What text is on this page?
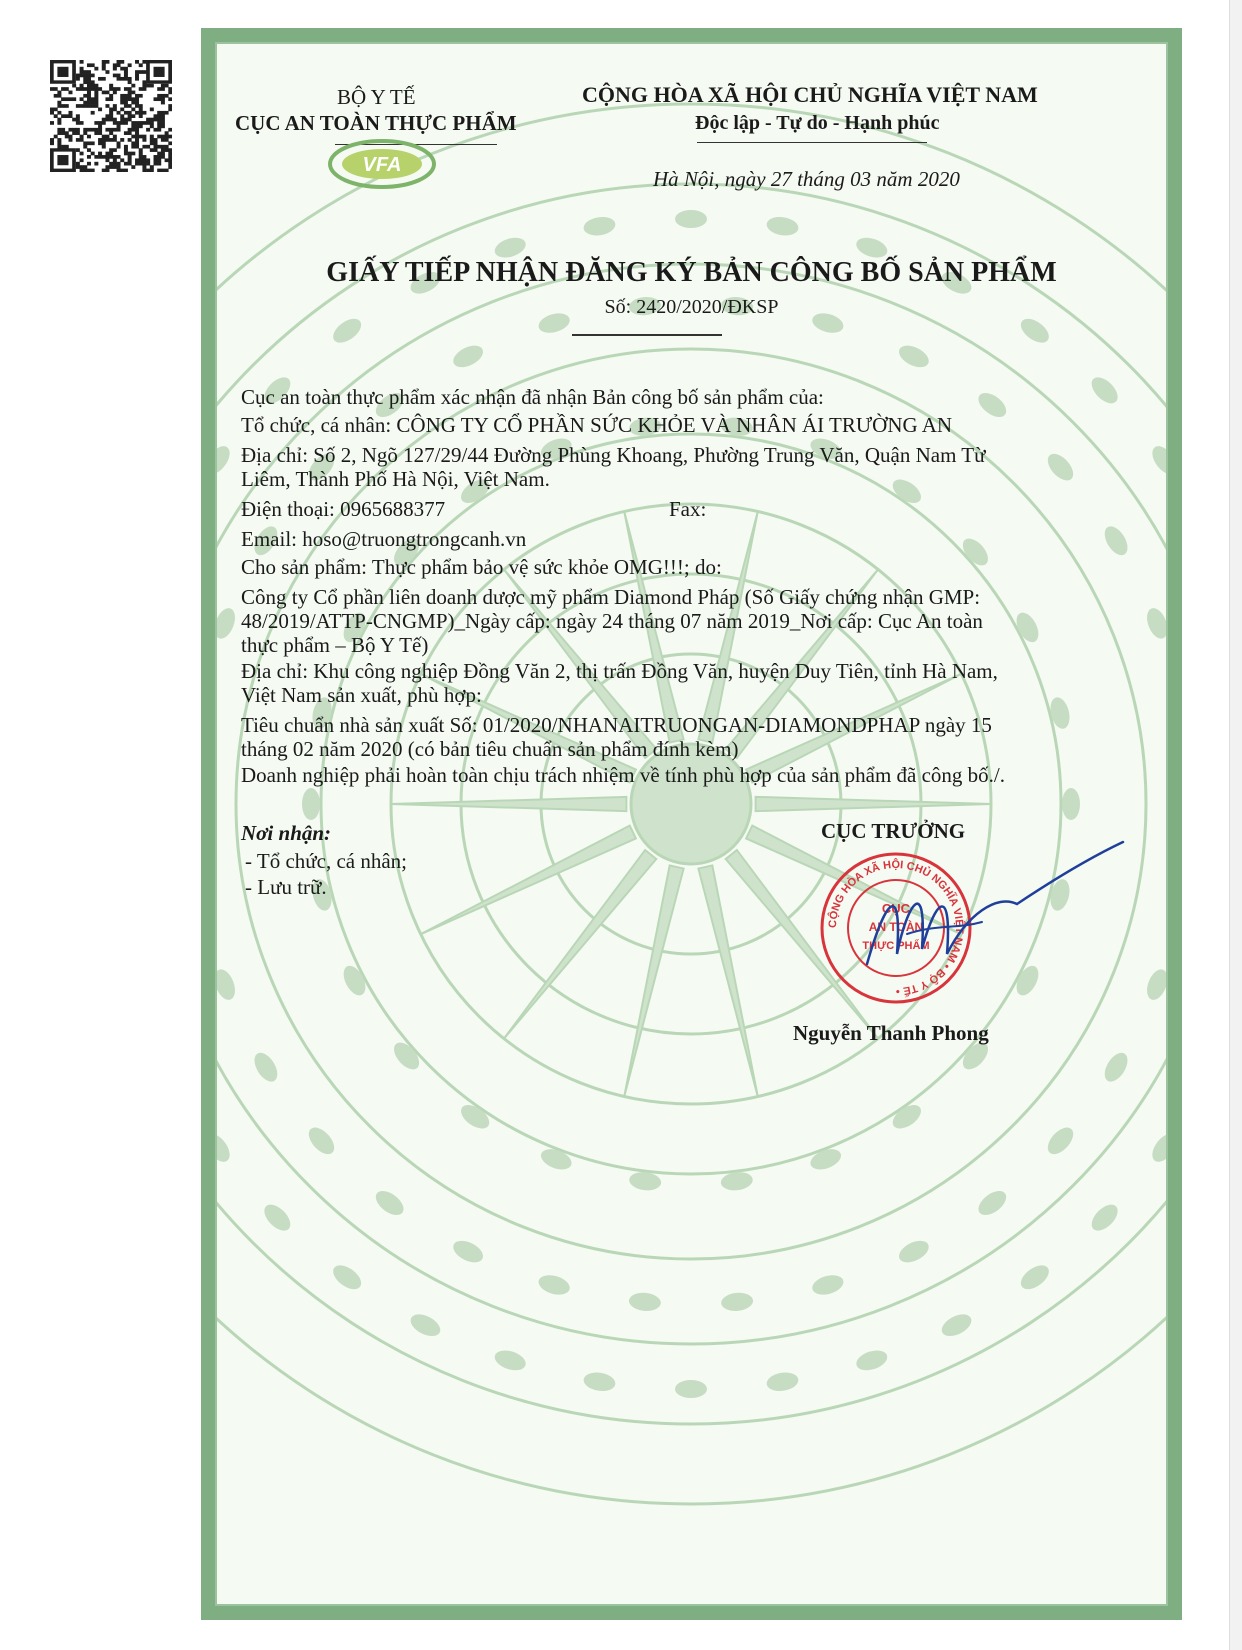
BỘ Y TẾ
CỤC AN TOÀN THỰC PHẨM
VFA
CỘNG HÒA XÃ HỘI CHỦ NGHĨA VIỆT NAM
Độc lập - Tự do - Hạnh phúc
Hà Nội, ngày 27 tháng 03 năm 2020
GIẤY TIẾP NHẬN ĐĂNG KÝ BẢN CÔNG BỐ SẢN PHẨM
Số: 2420/2020/ĐKSP
Cục an toàn thực phẩm xác nhận đã nhận Bản công bố sản phẩm của:
Tổ chức, cá nhân: CÔNG TY CỔ PHẦN SỨC KHỎE VÀ NHÂN ÁI TRƯỜNG AN
Địa chỉ: Số 2, Ngõ 127/29/44 Đường Phùng Khoang, Phường Trung Văn, Quận Nam Từ
Liêm, Thành Phố Hà Nội, Việt Nam.
Điện thoại: 0965688377	Fax:
Email: hoso@truongtrongcanh.vn
Cho sản phẩm: Thực phẩm bảo vệ sức khỏe OMG!!!; do:
Công ty Cổ phần liên doanh dược mỹ phẩm Diamond Pháp (Số Giấy chứng nhận GMP:
48/2019/ATTP-CNGMP)_Ngày cấp: ngày 24 tháng 07 năm 2019_Nơi cấp: Cục An toàn
thực phẩm – Bộ Y Tế)
Địa chỉ: Khu công nghiệp Đồng Văn 2, thị trấn Đồng Văn, huyện Duy Tiên, tỉnh Hà Nam,
Việt Nam sản xuất, phù hợp:
Tiêu chuẩn nhà sản xuất Số: 01/2020/NHANAITRUONGAN-DIAMONDPHAP ngày 15
tháng 02 năm 2020 (có bản tiêu chuẩn sản phẩm đính kèm)
Doanh nghiệp phải hoàn toàn chịu trách nhiệm về tính phù hợp của sản phẩm đã công bố./.
Nơi nhận:
- Tổ chức, cá nhân;
- Lưu trữ.
CỤC TRƯỞNG
CỘNG HÒA XÃ HỘI CHỦ NGHĨA VIỆT NAM • BỘ Y TẾ •
CỤC
AN TOÀN
THỰC PHẨM
Nguyễn Thanh Phong
